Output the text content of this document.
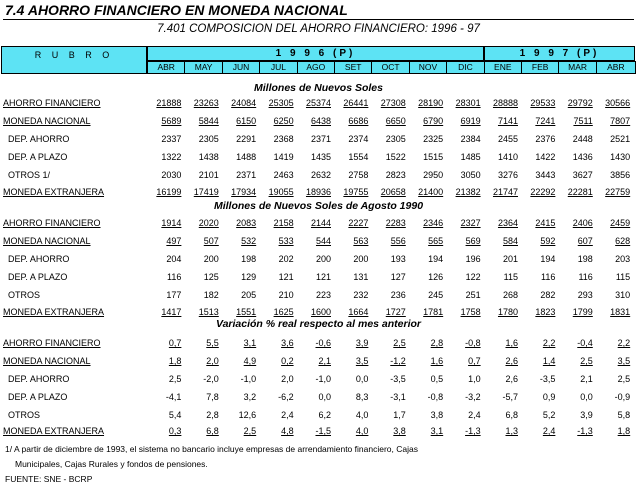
7.4 AHORRO FINANCIERO EN MONEDA NACIONAL
7.401 COMPOSICION DEL AHORRO FINANCIERO: 1996 - 97
R U B R O	1 9 9 6 (P)	1 9 9 7 (P)
ABR	MAY	JUN	JUL	AGO	SET	OCT	NOV	DIC	ENE	FEB	MAR	ABR
Millones de Nuevos Soles
AHORRO FINANCIERO	21888	23263	24084	25305	25374	26441	27308	28190	28301	28888	29533	29792	30566
MONEDA NACIONAL	5689	5844	6150	6250	6438	6686	6650	6790	6919	7141	7241	7511	7807
DEP. AHORRO	2337	2305	2291	2368	2371	2374	2305	2325	2384	2455	2376	2448	2521
DEP. A PLAZO	1322	1438	1488	1419	1435	1554	1522	1515	1485	1410	1422	1436	1430
OTROS 1/	2030	2101	2371	2463	2632	2758	2823	2950	3050	3276	3443	3627	3856
MONEDA EXTRANJERA	16199	17419	17934	19055	18936	19755	20658	21400	21382	21747	22292	22281	22759
Millones de Nuevos Soles de Agosto 1990
AHORRO FINANCIERO	1914	2020	2083	2158	2144	2227	2283	2346	2327	2364	2415	2406	2459
MONEDA NACIONAL	497	507	532	533	544	563	556	565	569	584	592	607	628
DEP. AHORRO	204	200	198	202	200	200	193	194	196	201	194	198	203
DEP. A PLAZO	116	125	129	121	121	131	127	126	122	115	116	116	115
OTROS	177	182	205	210	223	232	236	245	251	268	282	293	310
MONEDA EXTRANJERA	1417	1513	1551	1625	1600	1664	1727	1781	1758	1780	1823	1799	1831
Variación % real respecto al mes anterior
AHORRO FINANCIERO	0,7	5,5	3,1	3,6	-0,6	3,9	2,5	2,8	-0,8	1,6	2,2	-0,4	2,2
MONEDA NACIONAL	1,8	2,0	4,9	0,2	2,1	3,5	-1,2	1,6	0,7	2,6	1,4	2,5	3,5
DEP. AHORRO	2,5	-2,0	-1,0	2,0	-1,0	0,0	-3,5	0,5	1,0	2,6	-3,5	2,1	2,5
DEP. A PLAZO	-4,1	7,8	3,2	-6,2	0,0	8,3	-3,1	-0,8	-3,2	-5,7	0,9	0,0	-0,9
OTROS	5,4	2,8	12,6	2,4	6,2	4,0	1,7	3,8	2,4	6,8	5,2	3,9	5,8
MONEDA EXTRANJERA	0,3	6,8	2,5	4,8	-1,5	4,0	3,8	3,1	-1,3	1,3	2,4	-1,3	1,8
1/ A partir de diciembre de 1993, el sistema no bancario incluye empresas de arrendamiento financiero, Cajas
Municipales, Cajas Rurales y fondos de pensiones.
FUENTE: SNE - BCRP
